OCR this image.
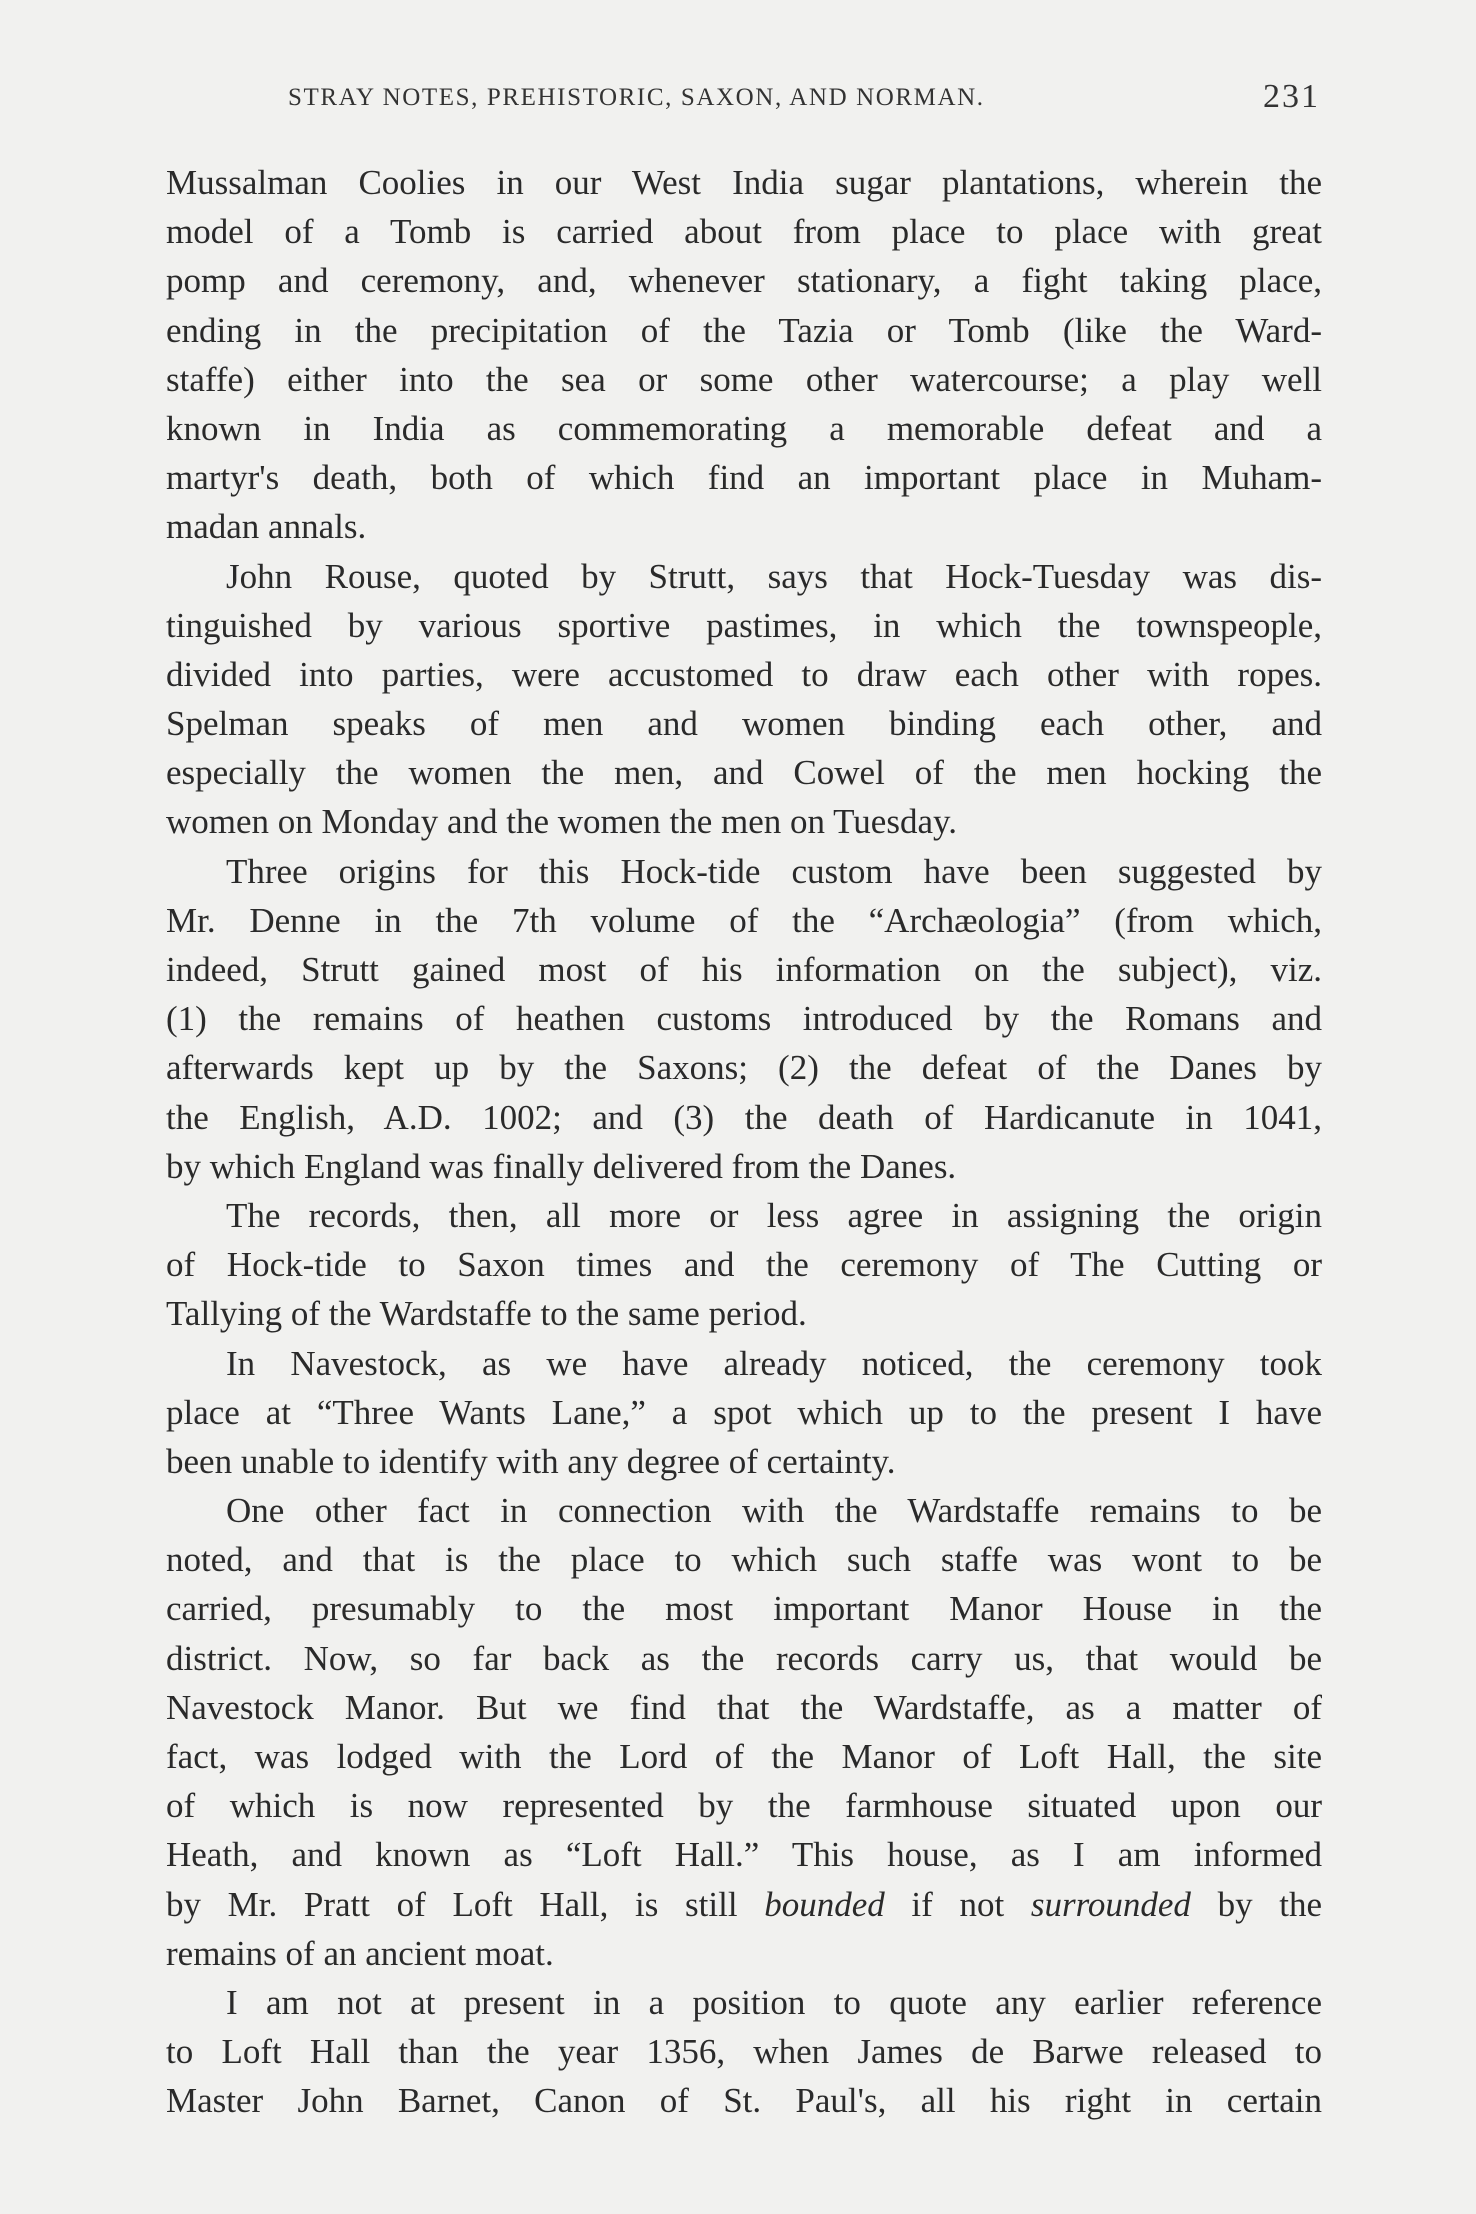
STRAY NOTES, PREHISTORIC, SAXON, AND NORMAN.	231
Mussalman Coolies in our West India sugar plantations, wherein the
model of a Tomb is carried about from place to place with great
pomp and ceremony, and, whenever stationary, a fight taking place,
ending in the precipitation of the Tazia or Tomb (like the Ward-
staffe) either into the sea or some other watercourse; a play well
known in India as commemorating a memorable defeat and a
martyr's death, both of which find an important place in Muham-
madan annals.
John Rouse, quoted by Strutt, says that Hock-Tuesday was dis-
tinguished by various sportive pastimes, in which the townspeople,
divided into parties, were accustomed to draw each other with ropes.
Spelman speaks of men and women binding each other, and
especially the women the men, and Cowel of the men hocking the
women on Monday and the women the men on Tuesday.
Three origins for this Hock-tide custom have been suggested by
Mr. Denne in the 7th volume of the “Archæologia” (from which,
indeed, Strutt gained most of his information on the subject), viz.
(1) the remains of heathen customs introduced by the Romans and
afterwards kept up by the Saxons; (2) the defeat of the Danes by
the English, A.D. 1002; and (3) the death of Hardicanute in 1041,
by which England was finally delivered from the Danes.
The records, then, all more or less agree in assigning the origin
of Hock-tide to Saxon times and the ceremony of The Cutting or
Tallying of the Wardstaffe to the same period.
In Navestock, as we have already noticed, the ceremony took
place at “Three Wants Lane,” a spot which up to the present I have
been unable to identify with any degree of certainty.
One other fact in connection with the Wardstaffe remains to be
noted, and that is the place to which such staffe was wont to be
carried, presumably to the most important Manor House in the
district. Now, so far back as the records carry us, that would be
Navestock Manor. But we find that the Wardstaffe, as a matter of
fact, was lodged with the Lord of the Manor of Loft Hall, the site
of which is now represented by the farmhouse situated upon our
Heath, and known as “Loft Hall.” This house, as I am informed
by Mr. Pratt of Loft Hall, is still bounded if not surrounded by the
remains of an ancient moat.
I am not at present in a position to quote any earlier reference
to Loft Hall than the year 1356, when James de Barwe released to
Master John Barnet, Canon of St. Paul's, all his right in certain
